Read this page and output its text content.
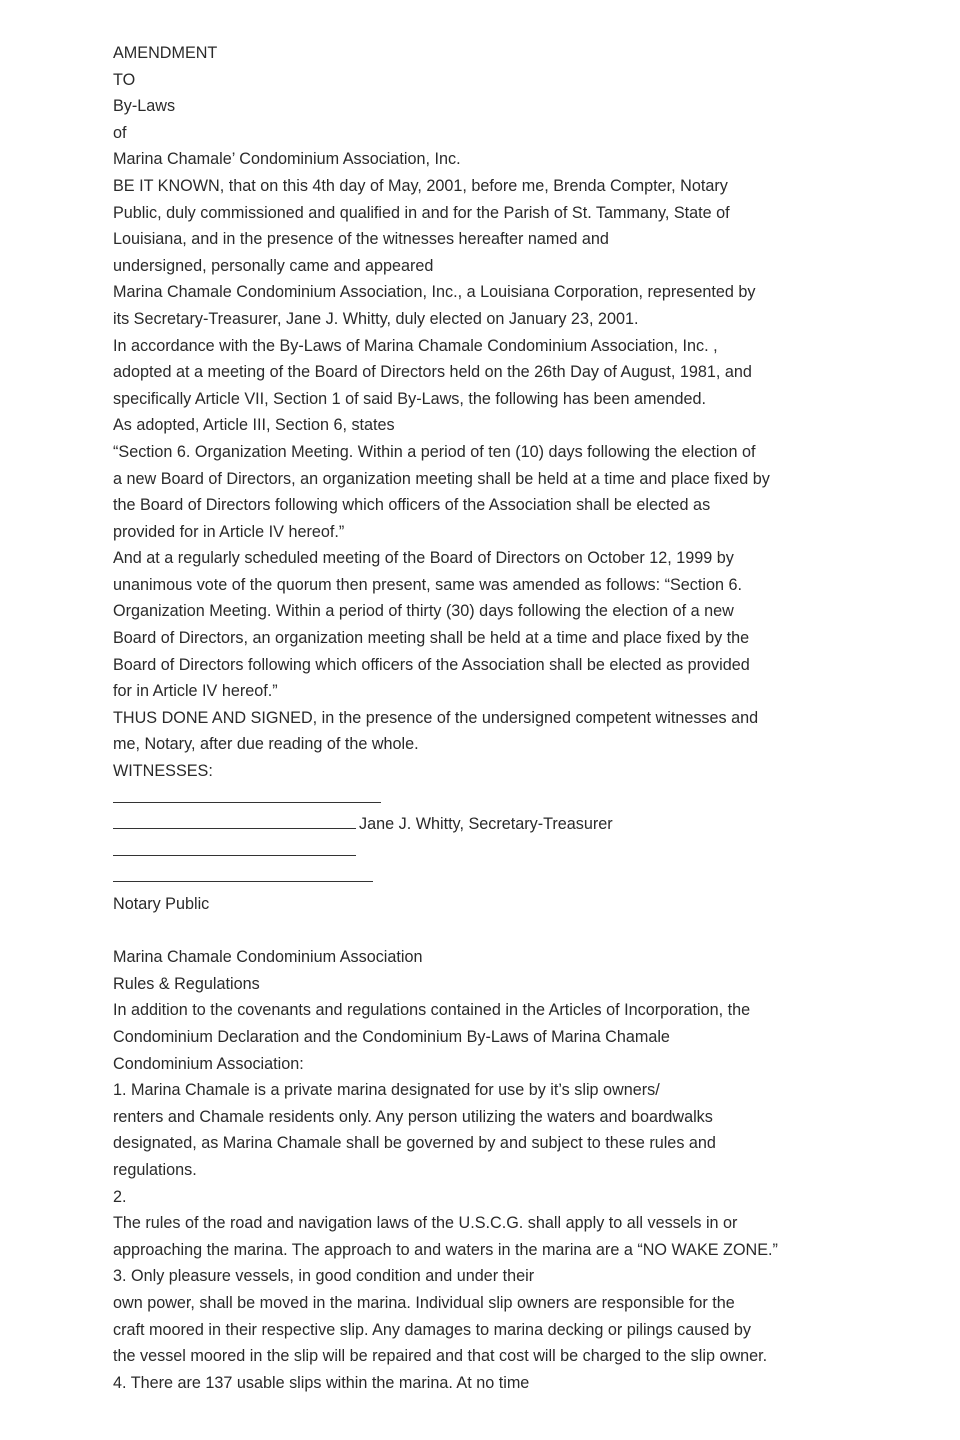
AMENDMENT
TO
By-Laws
of
Marina Chamale’ Condominium Association, Inc.
BE IT KNOWN, that on this 4th day of May, 2001, before me, Brenda Compter, Notary
Public, duly commissioned and qualified in and for the Parish of St. Tammany, State of
Louisiana, and in the presence of the witnesses hereafter named and
undersigned, personally came and appeared
Marina Chamale Condominium Association, Inc., a Louisiana Corporation, represented by
its Secretary-Treasurer, Jane J. Whitty, duly elected on January 23, 2001.
In accordance with the By-Laws of Marina Chamale Condominium Association, Inc. ,
adopted at a meeting of the Board of Directors held on the 26th Day of August, 1981, and
specifically Article VII, Section 1 of said By-Laws, the following has been amended.
As adopted, Article III, Section 6, states
“Section 6. Organization Meeting. Within a period of ten (10) days following the election of
a new Board of Directors, an organization meeting shall be held at a time and place fixed by
the Board of Directors following which officers of the Association shall be elected as
provided for in Article IV hereof.”
And at a regularly scheduled meeting of the Board of Directors on October 12, 1999 by
unanimous vote of the quorum then present, same was amended as follows: “Section 6.
Organization Meeting. Within a period of thirty (30) days following the election of a new
Board of Directors, an organization meeting shall be held at a time and place fixed by the
Board of Directors following which officers of the Association shall be elected as provided
for in Article IV hereof.”
THUS DONE AND SIGNED, in the presence of the undersigned competent witnesses and
me, Notary, after due reading of the whole.
WITNESSES:
Jane J. Whitty, Secretary-Treasurer
Notary Public
Marina Chamale Condominium Association
Rules & Regulations
In addition to the covenants and regulations contained in the Articles of Incorporation, the
Condominium Declaration and the Condominium By-Laws of Marina Chamale
Condominium Association:
1. Marina Chamale is a private marina designated for use by it’s slip owners/
renters and Chamale residents only. Any person utilizing the waters and boardwalks
designated, as Marina Chamale shall be governed by and subject to these rules and
regulations.
2.
The rules of the road and navigation laws of the U.S.C.G. shall apply to all vessels in or
approaching the marina. The approach to and waters in the marina are a “NO WAKE ZONE.”
3. Only pleasure vessels, in good condition and under their
own power, shall be moved in the marina. Individual slip owners are responsible for the
craft moored in their respective slip. Any damages to marina decking or pilings caused by
the vessel moored in the slip will be repaired and that cost will be charged to the slip owner.
4. There are 137 usable slips within the marina. At no time
